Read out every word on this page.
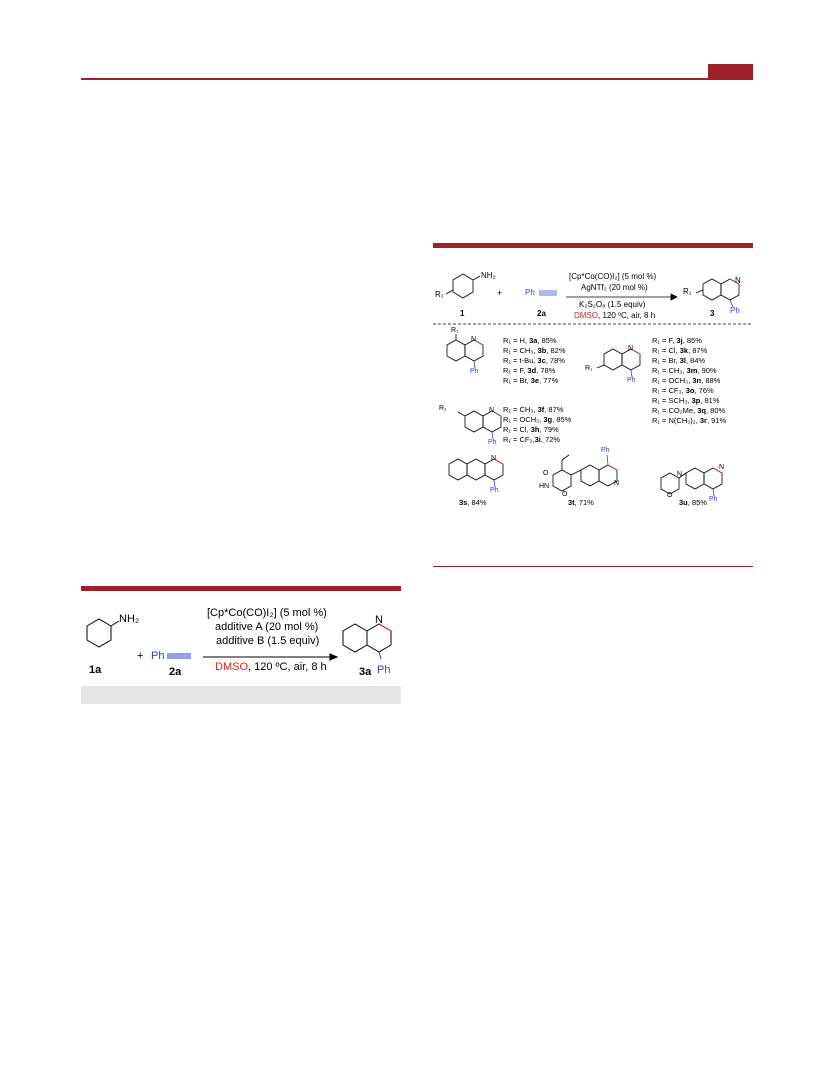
NH₂
R₁
1
+	Ph
2a
[Cp*Co(CO)I₂] (5 mol %)
AgNTf₂ (20 mol %)
K₂S₂O₈ (1.5 equiv)
DMSO, 120 ºC, air, 8 h
N
R₁
Ph
3
R₁
N
Ph
R₁ = H, 3a, 85%
R₁ = CH₃, 3b, 82%
R₁ = t-Bu, 3c, 78%
R₁ = F, 3d, 78%
R₁ = Br, 3e, 77%
N
R₁
Ph
R₁ = F, 3j, 85%
R₁ = Cl, 3k, 87%
R₁ = Br, 3l, 84%
R₁ = CH₃, 3m, 90%
R₁ = OCH₃, 3n, 88%
R₁ = CF₃, 3o, 76%
R₁ = SCH₃, 3p, 81%
R₁ = CO₂Me, 3q, 80%
R₁ = N(CH₃)₂, 3r, 91%
R₁	N
Ph
R₁ = CH₃, 3f, 87%
R₁ = OCH₃, 3g, 85%
R₁ = Cl, 3h, 79%
R₁ = CF₃,3i, 72%
N
Ph
3s, 84%
Ph
O
HN
O
N
3t, 71%
N
O
N
Ph
3u, 85%
NH₂
1a
+ Ph
2a
[Cp*Co(CO)I₂] (5 mol %)
additive A (20 mol %)
additive B (1.5 equiv)
DMSO, 120 ºC, air, 8 h
N
3a Ph
